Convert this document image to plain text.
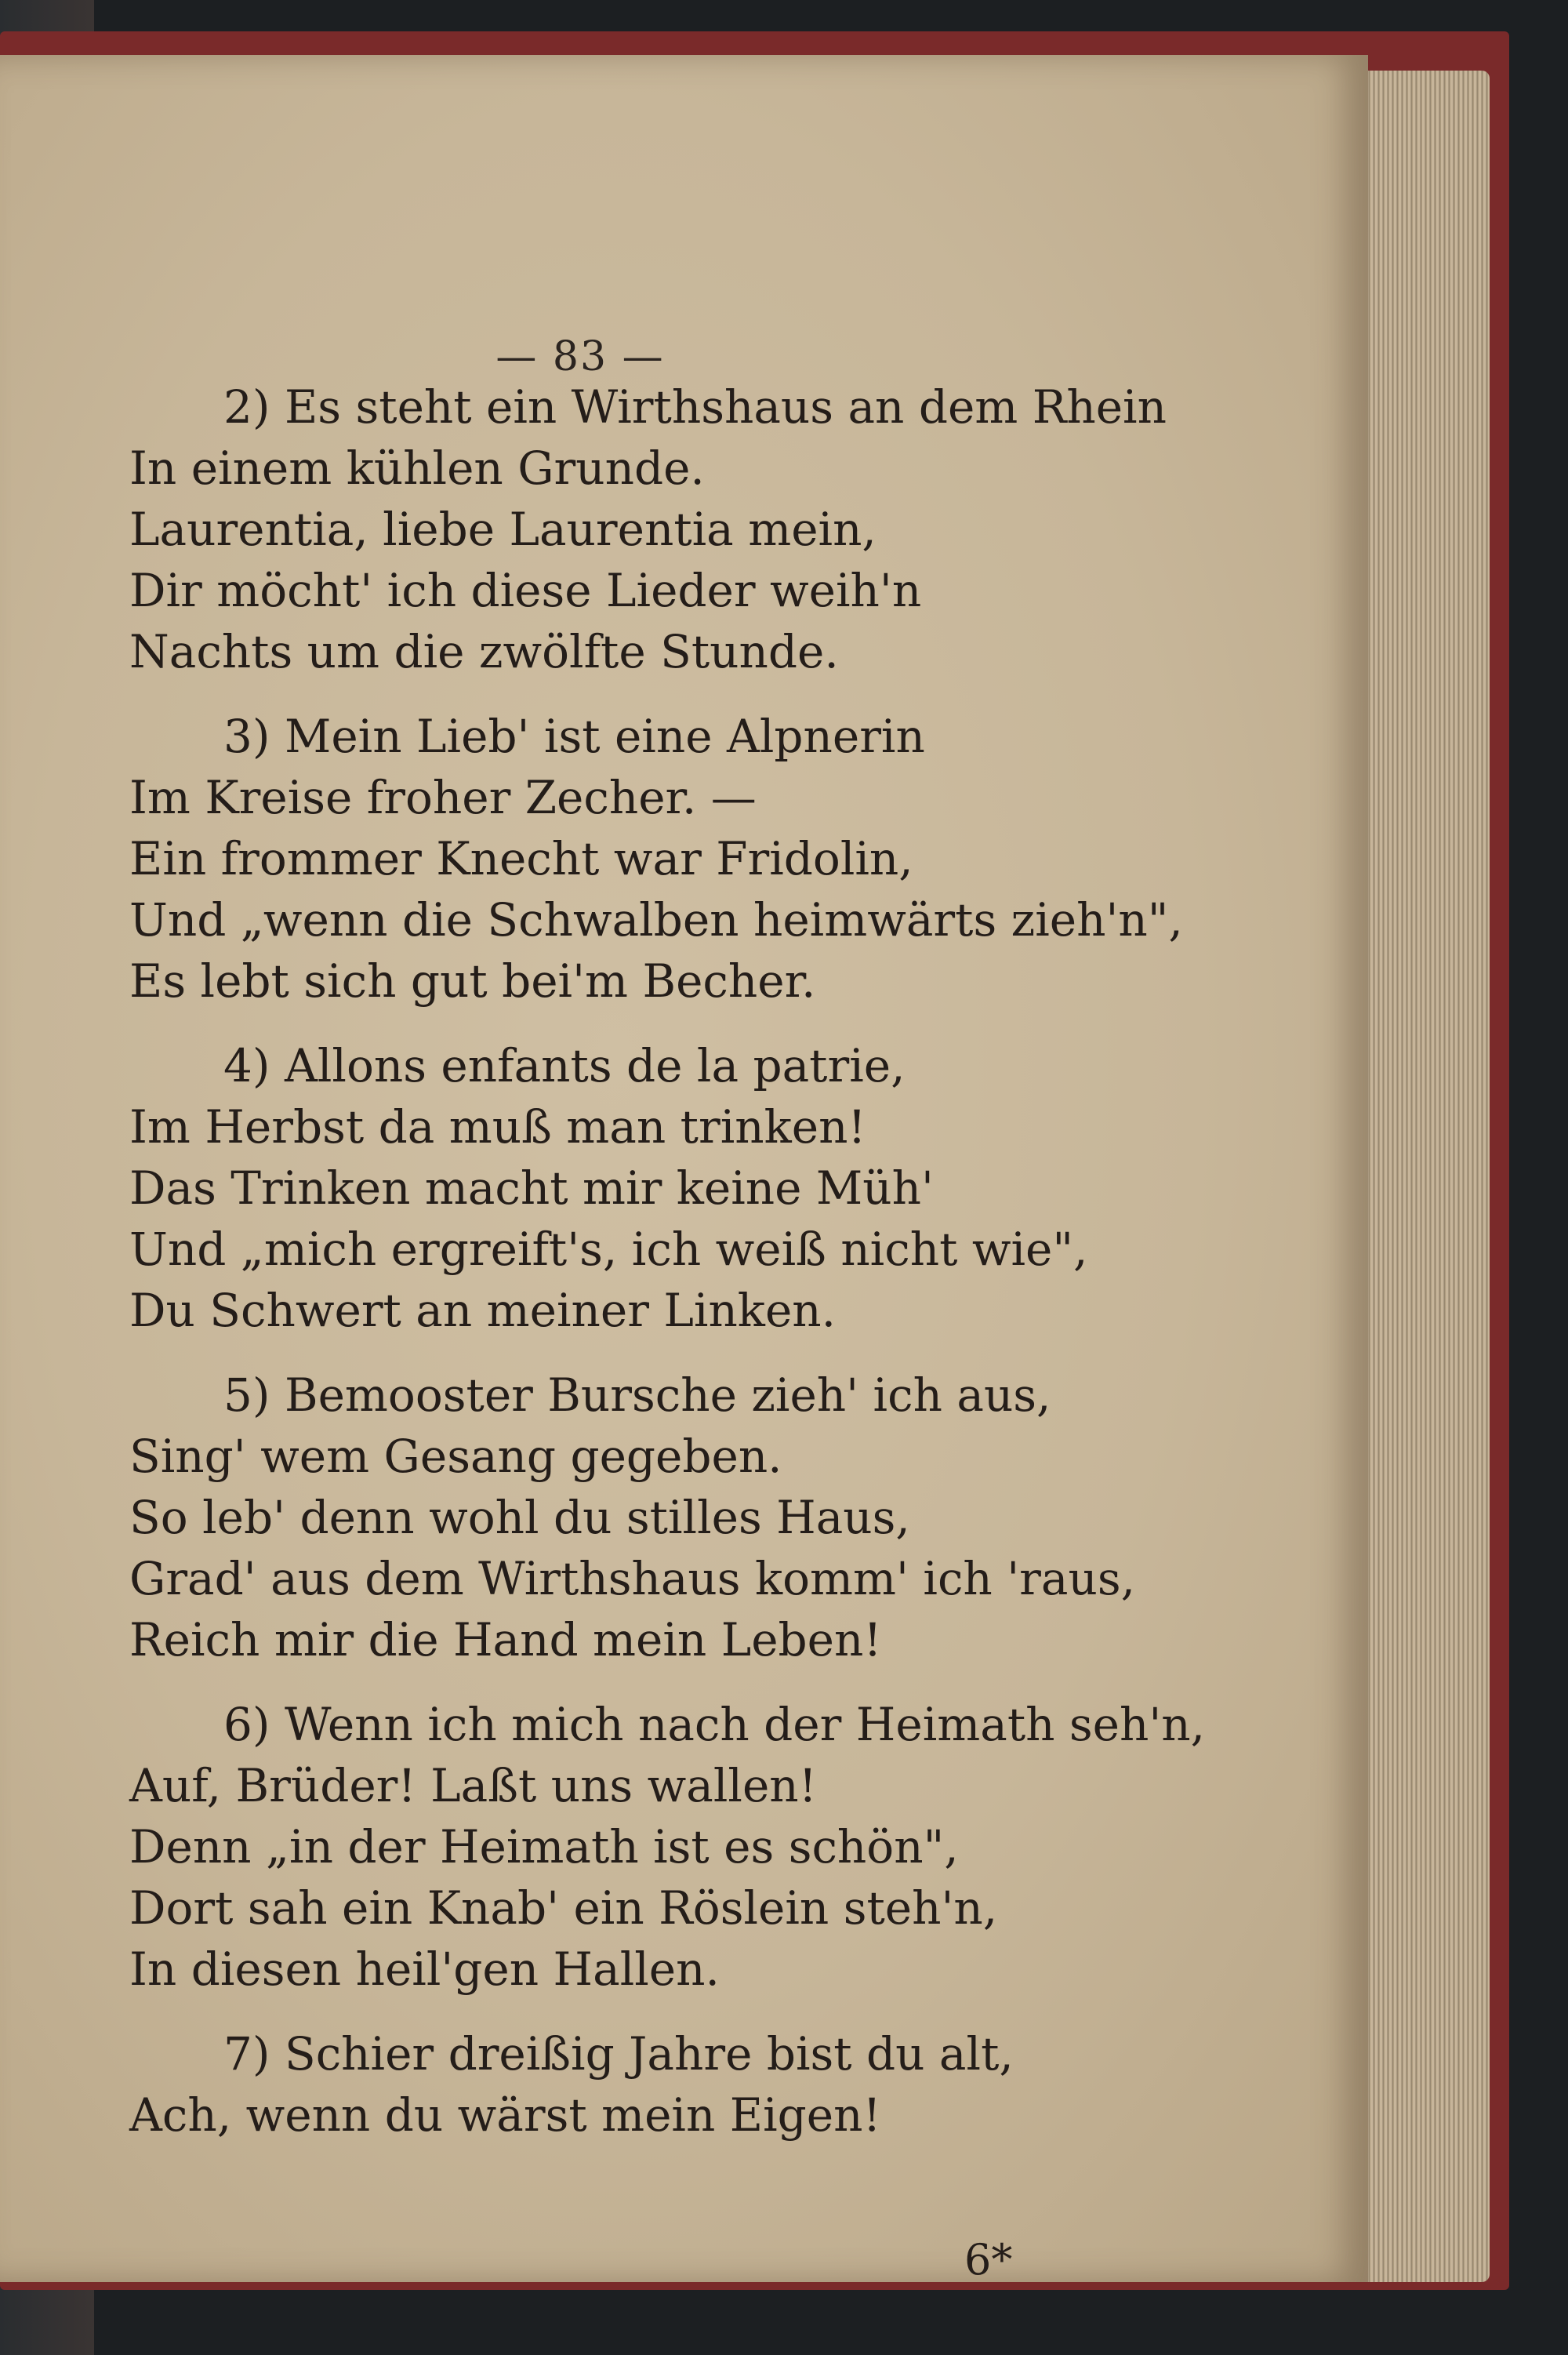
— 83 —
2) Es steht ein Wirthshaus an dem Rhein
In einem kühlen Grunde.
Laurentia, liebe Laurentia mein,
Dir möcht' ich diese Lieder weih'n
Nachts um die zwölfte Stunde.
3) Mein Lieb' ist eine Alpnerin
Im Kreise froher Zecher. —
Ein frommer Knecht war Fridolin,
Und „wenn die Schwalben heimwärts zieh'n",
Es lebt sich gut bei'm Becher.
4) Allons enfants de la patrie,
Im Herbst da muß man trinken!
Das Trinken macht mir keine Müh'
Und „mich ergreift's, ich weiß nicht wie",
Du Schwert an meiner Linken.
5) Bemooster Bursche zieh' ich aus,
Sing' wem Gesang gegeben.
So leb' denn wohl du stilles Haus,
Grad' aus dem Wirthshaus komm' ich 'raus,
Reich mir die Hand mein Leben!
6) Wenn ich mich nach der Heimath seh'n,
Auf, Brüder! Laßt uns wallen!
Denn „in der Heimath ist es schön",
Dort sah ein Knab' ein Röslein steh'n,
In diesen heil'gen Hallen.
7) Schier dreißig Jahre bist du alt,
Ach, wenn du wärst mein Eigen!
6*
